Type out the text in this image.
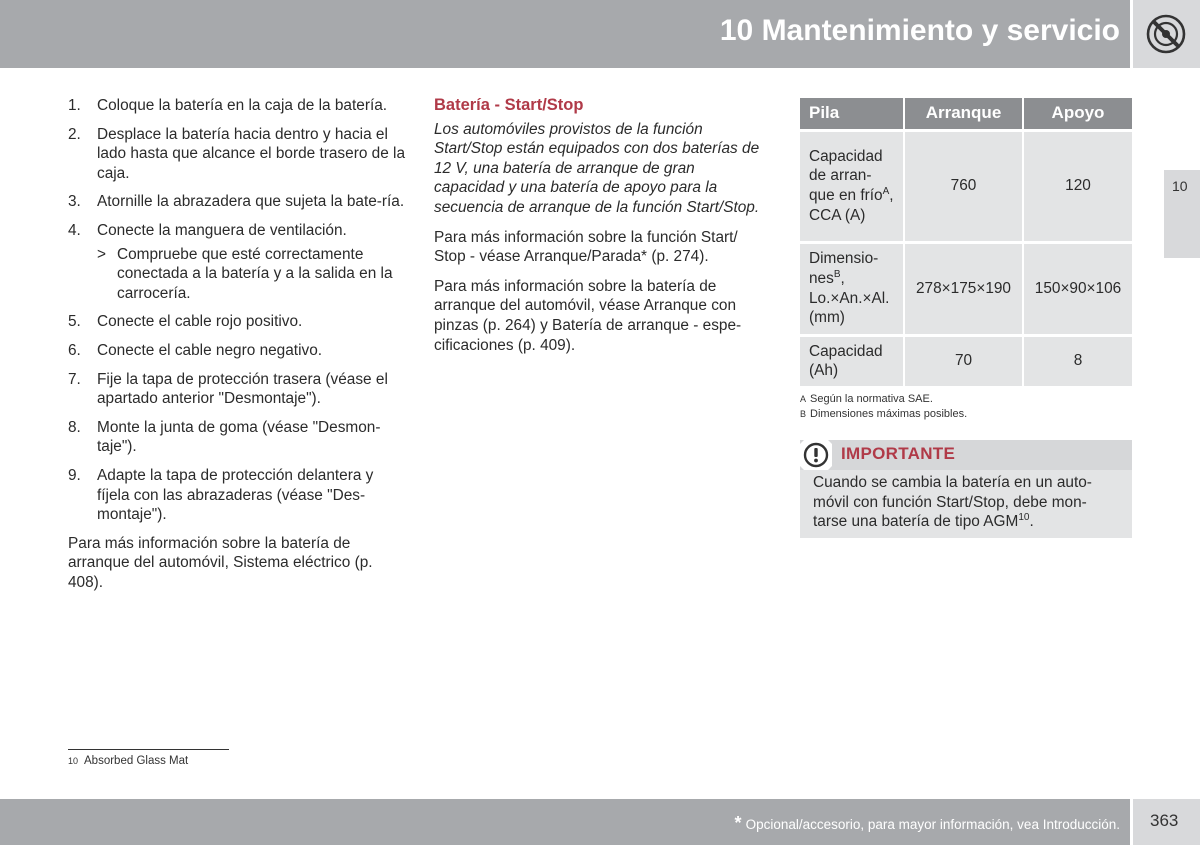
10 Mantenimiento y servicio
10
1. Coloque la batería en la caja de la batería.
2. Desplace la batería hacia dentro y hacia el lado hasta que alcance el borde trasero de la caja.
3. Atornille la abrazadera que sujeta la bate-ría.
4. Conecte la manguera de ventilación.
> Compruebe que esté correctamente conectada a la batería y a la salida en la carrocería.
5. Conecte el cable rojo positivo.
6. Conecte el cable negro negativo.
7. Fije la tapa de protección trasera (véase el apartado anterior "Desmontaje").
8. Monte la junta de goma (véase "Desmon-taje").
9. Adapte la tapa de protección delantera y fíjela con las abrazaderas (véase "Des-montaje").

Para más información sobre la batería de arranque del automóvil, Sistema eléctrico (p. 408).

Batería - Start/Stop

Los automóviles provistos de la función Start/Stop están equipados con dos baterías de 12 V, una batería de arranque de gran capacidad y una batería de apoyo para la secuencia de arranque de la función Start/Stop.

Para más información sobre la función Start/ Stop - véase Arranque/Parada* (p. 274).

Para más información sobre la batería de arranque del automóvil, véase Arranque con pinzas (p. 264) y Batería de arranque - espe-cificaciones (p. 409).

Pila	Arranque	Apoyo
Capacidad de arran-que en frío$^A$, CCA (A)	760	120
Dimensio-nes$^B$, Lo.×An.×Al. (mm)	278×175×190	150×90×106
Capacidad (Ah)	70	8
A Según la normativa SAE.
B Dimensiones máximas posibles.
IMPORTANTE
Cuando se cambia la batería en un auto-móvil con función Start/Stop, debe mon-tarse una batería de tipo AGM$^{10}$.
10 Absorbed Glass Mat
* Opcional/accesorio, para mayor información, vea Introducción. 363
